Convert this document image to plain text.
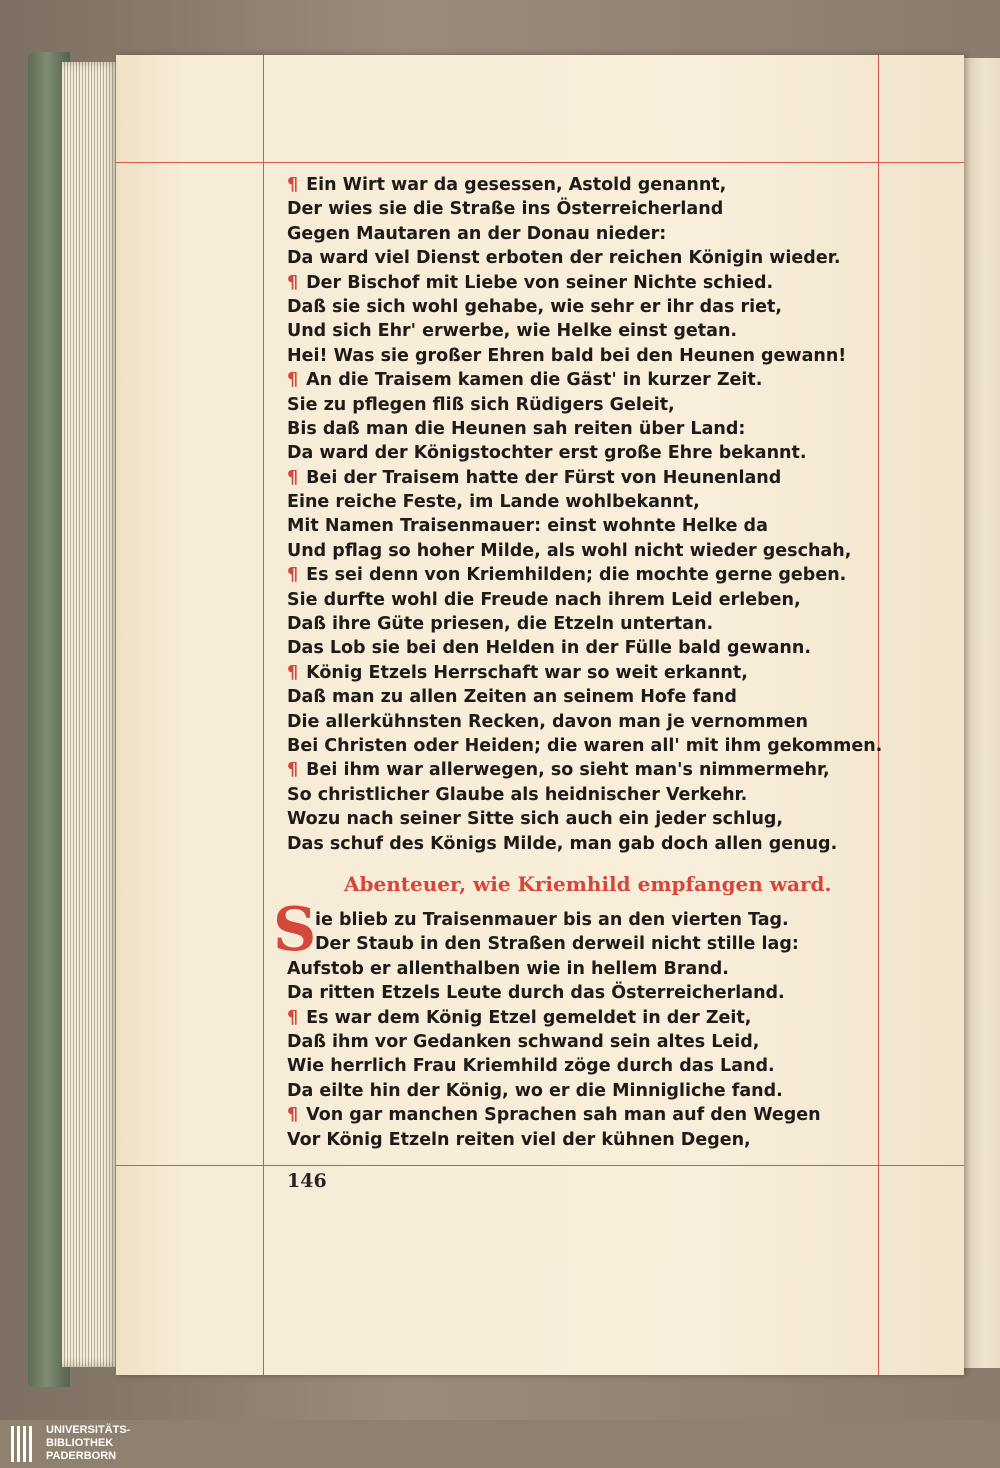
¶ Ein Wirt war da gesessen, Astold genannt,
Der wies sie die Straße ins Österreicherland
Gegen Mautaren an der Donau nieder:
Da ward viel Dienst erboten der reichen Königin wieder.
¶ Der Bischof mit Liebe von seiner Nichte schied.
Daß sie sich wohl gehabe, wie sehr er ihr das riet,
Und sich Ehr' erwerbe, wie Helke einst getan.
Hei! Was sie großer Ehren bald bei den Heunen gewann!
¶ An die Traisem kamen die Gäst' in kurzer Zeit.
Sie zu pflegen fliß sich Rüdigers Geleit,
Bis daß man die Heunen sah reiten über Land:
Da ward der Königstochter erst große Ehre bekannt.
¶ Bei der Traisem hatte der Fürst von Heunenland
Eine reiche Feste, im Lande wohlbekannt,
Mit Namen Traisenmauer: einst wohnte Helke da
Und pflag so hoher Milde, als wohl nicht wieder geschah,
¶ Es sei denn von Kriemhilden; die mochte gerne geben.
Sie durfte wohl die Freude nach ihrem Leid erleben,
Daß ihre Güte priesen, die Etzeln untertan.
Das Lob sie bei den Helden in der Fülle bald gewann.
¶ König Etzels Herrschaft war so weit erkannt,
Daß man zu allen Zeiten an seinem Hofe fand
Die allerkühnsten Recken, davon man je vernommen
Bei Christen oder Heiden; die waren all' mit ihm gekommen.
¶ Bei ihm war allerwegen, so sieht man's nimmermehr,
So christlicher Glaube als heidnischer Verkehr.
Wozu nach seiner Sitte sich auch ein jeder schlug,
Das schuf des Königs Milde, man gab doch allen genug.
Abenteuer, wie Kriemhild empfangen ward.
S
ie blieb zu Traisenmauer bis an den vierten Tag.
Der Staub in den Straßen derweil nicht stille lag:
Aufstob er allenthalben wie in hellem Brand.
Da ritten Etzels Leute durch das Österreicherland.
¶ Es war dem König Etzel gemeldet in der Zeit,
Daß ihm vor Gedanken schwand sein altes Leid,
Wie herrlich Frau Kriemhild zöge durch das Land.
Da eilte hin der König, wo er die Minnigliche fand.
¶ Von gar manchen Sprachen sah man auf den Wegen
Vor König Etzeln reiten viel der kühnen Degen,
146
UNIVERSITÄTS-
BIBLIOTHEK
PADERBORN
